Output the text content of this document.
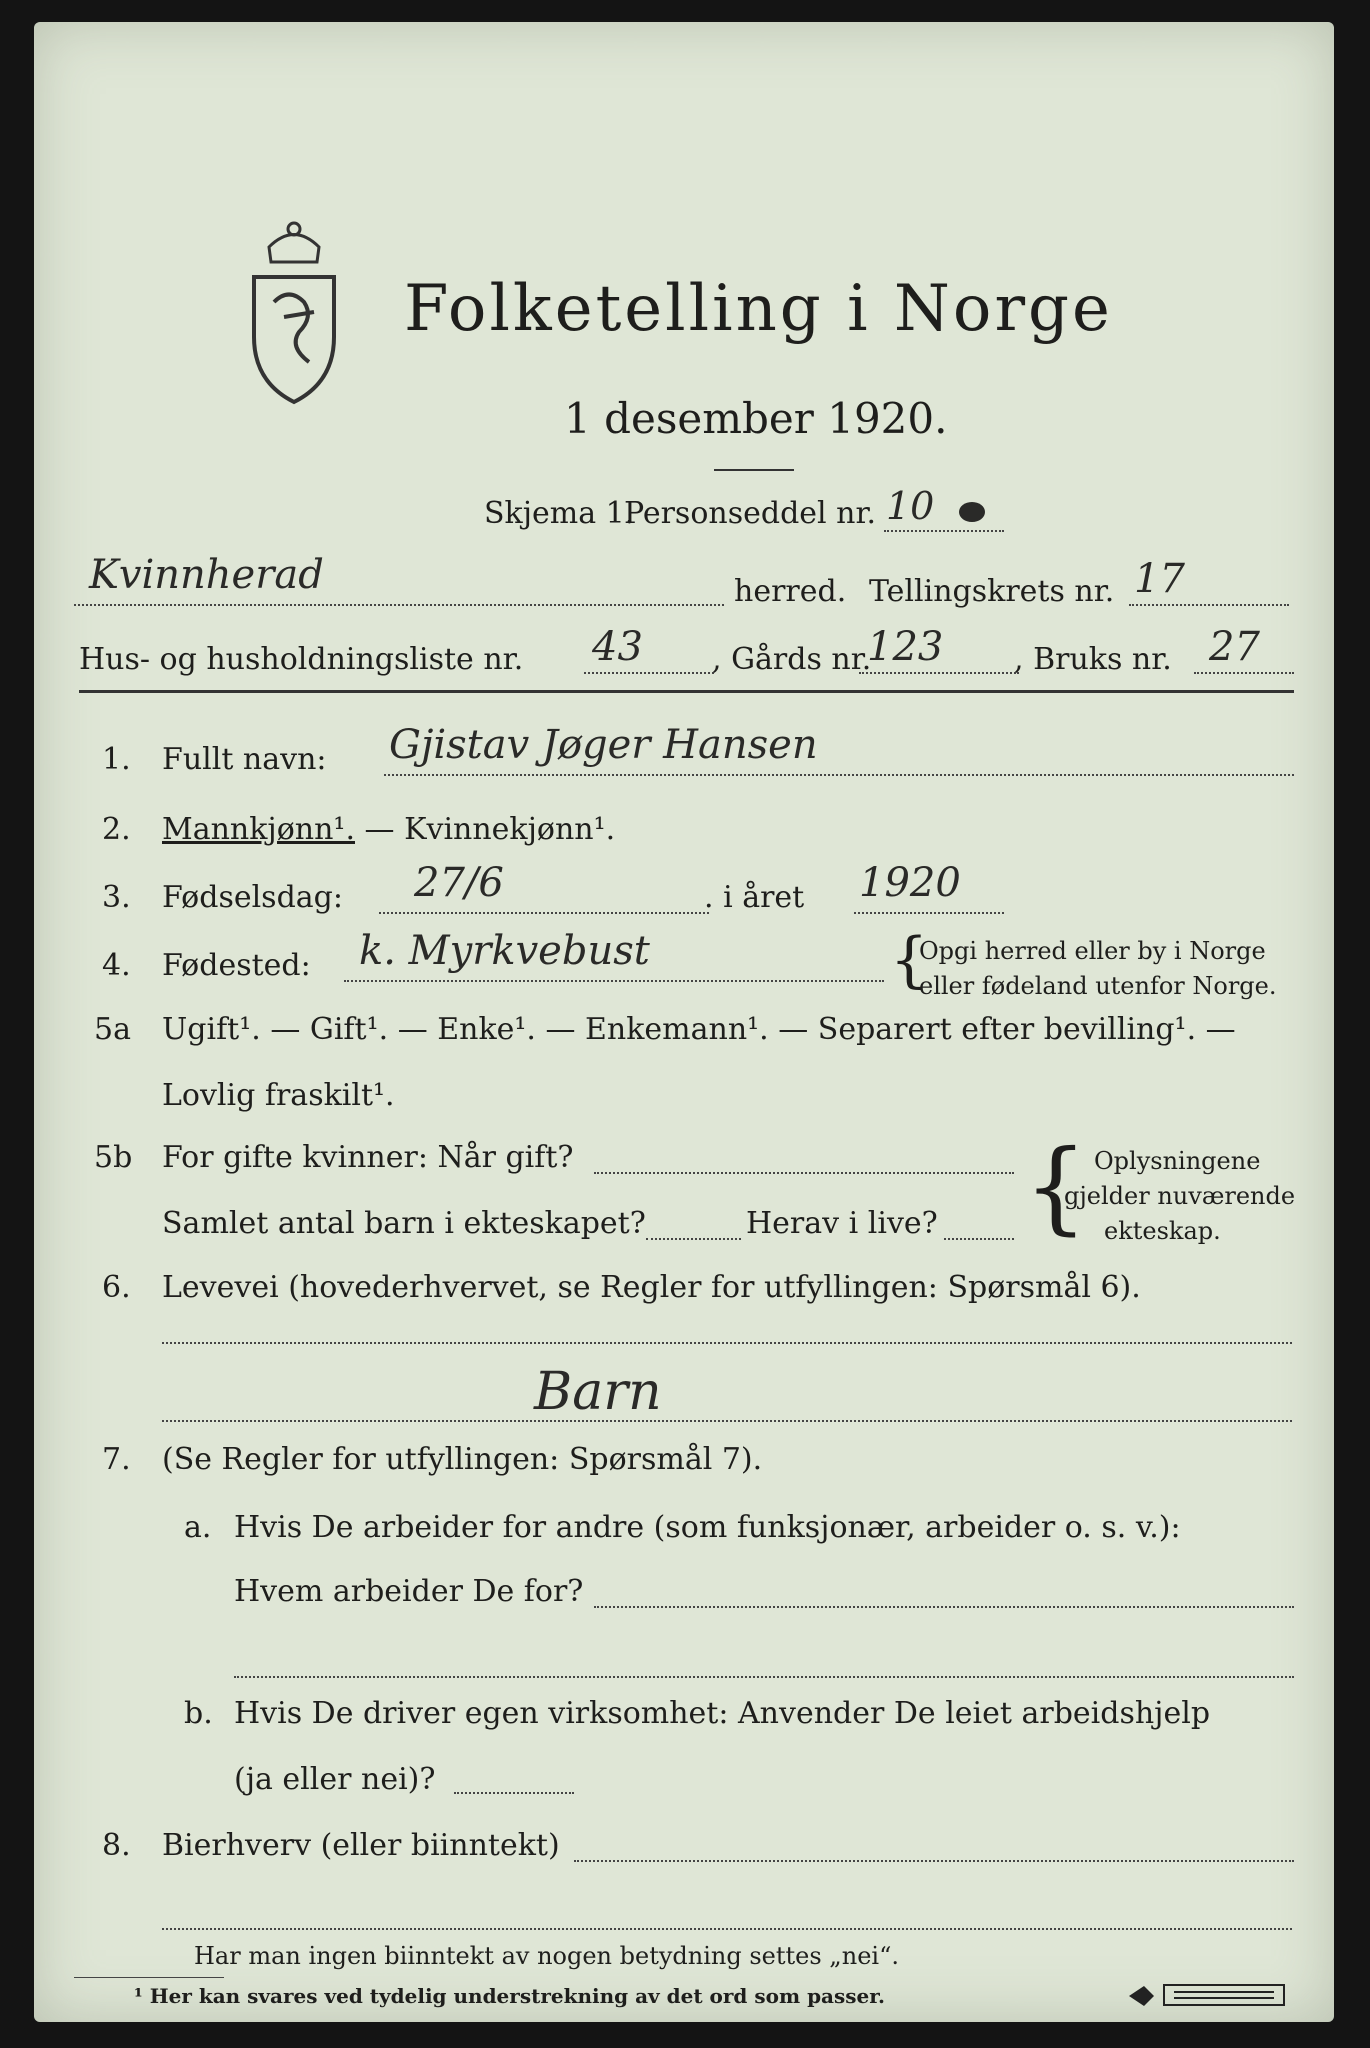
Folketelling i Norge
1 desember 1920.
Skjema 1.
Personseddel nr. 10
Kvinnherad	herred. Tellingskrets nr. 17
Hus- og husholdningsliste nr. 43 , Gårds nr.
123 , Bruks nr. 27
1. Fullt navn: Gjistav Jøger Hansen
2. Mannkjønn¹. — Kvinnekjønn¹.
3. Fødselsdag: 27/6	. i året 1920
4. Fødested: k. Myrkvebust	{
Opgi herred eller by i Norge
eller fødeland utenfor Norge.
5a Ugift¹. — Gift¹. — Enke¹. — Enkemann¹. — Separert efter bevilling¹. —
Lovlig fraskilt¹.
5b For gifte kvinner: Når gift?
Samlet antal barn i ekteskapet?	Herav i live? { Oplysningene
gjelder nuværende
ekteskap.
6. Levevei (hovederhvervet, se Regler for utfyllingen: Spørsmål 6).
Barn
7. (Se Regler for utfyllingen: Spørsmål 7).
a. Hvis De arbeider for andre (som funksjonær, arbeider o. s. v.):
Hvem arbeider De for?
b. Hvis De driver egen virksomhet: Anvender De leiet arbeidshjelp
(ja eller nei)?
8. Bierhverv (eller biinntekt)
Har man ingen biinntekt av nogen betydning settes „nei“.
¹ Her kan svares ved tydelig understrekning av det ord som passer.
